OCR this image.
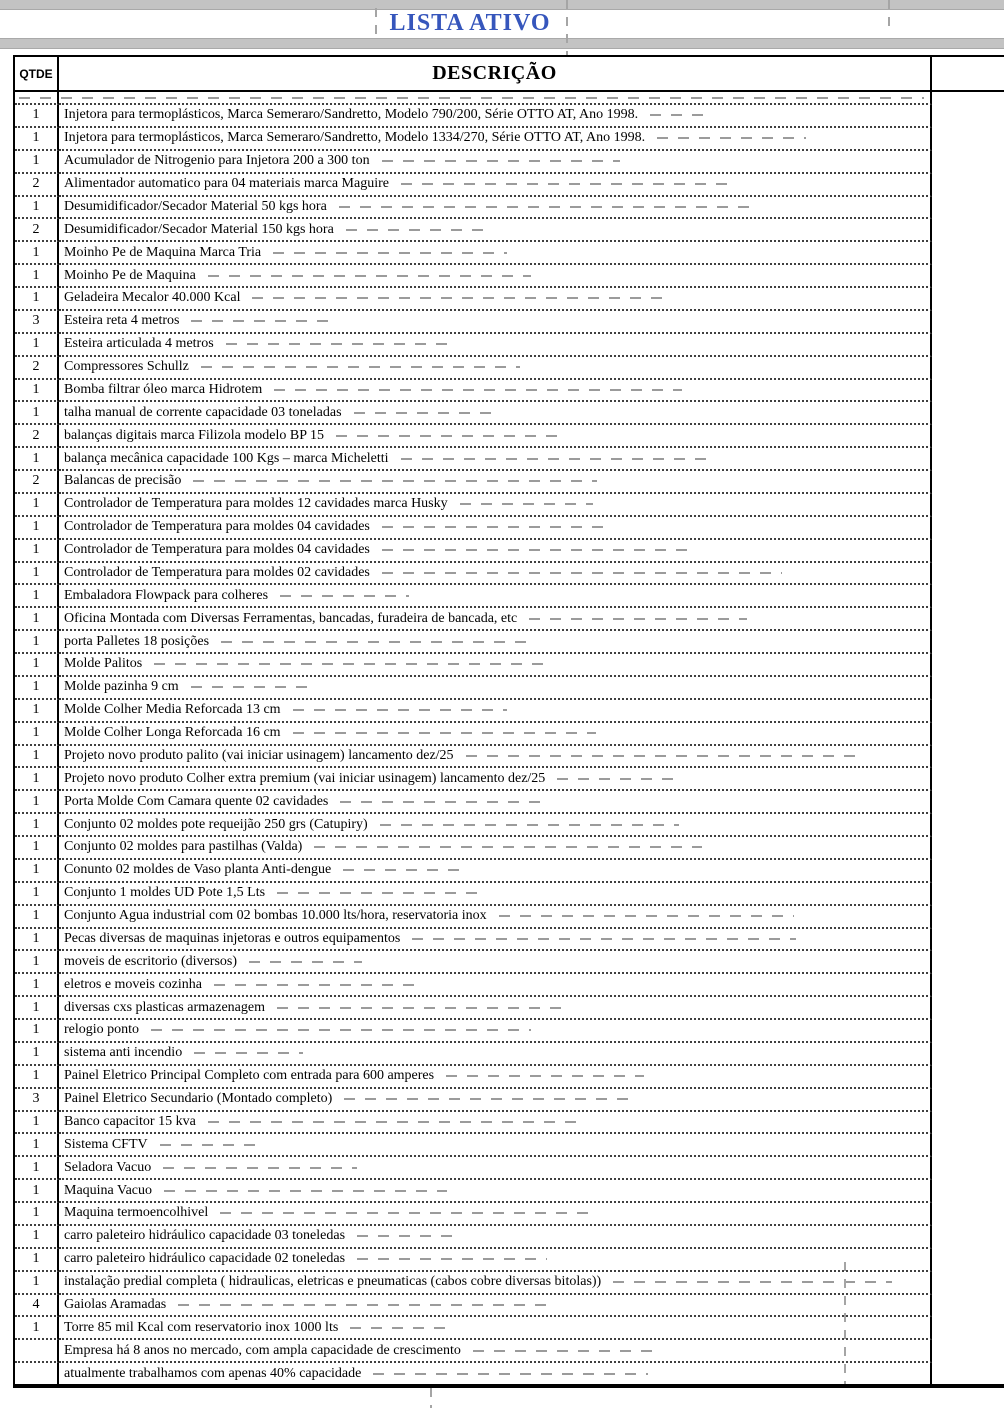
LISTA ATIVO
QTDE	DESCRIÇÃO
1	Injetora para termoplásticos, Marca Semeraro/Sandretto, Modelo 790/200, Série OTTO AT, Ano 1998.
1	Injetora para termoplásticos, Marca Semeraro/Sandretto, Modelo 1334/270, Série OTTO AT, Ano 1998.
1	Acumulador de Nitrogenio para Injetora 200 a 300 ton
2	Alimentador automatico para 04 materiais marca Maguire
1	Desumidificador/Secador Material 50 kgs hora
2	Desumidificador/Secador Material 150 kgs hora
1	Moinho Pe de Maquina Marca Tria
1	Moinho Pe de Maquina
1	Geladeira Mecalor 40.000 Kcal
3	Esteira reta 4 metros
1	Esteira articulada 4 metros
2	Compressores Schullz
1	Bomba filtrar óleo marca Hidrotem
1	talha manual de corrente capacidade 03 toneladas
2	balanças digitais marca Filizola modelo BP 15
1	balança mecânica capacidade 100 Kgs – marca Micheletti
2	Balancas de precisão
1	Controlador de Temperatura para moldes 12 cavidades marca Husky
1	Controlador de Temperatura para moldes 04 cavidades
1	Controlador de Temperatura para moldes 04 cavidades
1	Controlador de Temperatura para moldes 02 cavidades
1	Embaladora Flowpack para colheres
1	Oficina Montada com Diversas Ferramentas, bancadas, furadeira de bancada, etc
1	porta Palletes 18 posições
1	Molde Palitos
1	Molde pazinha 9 cm
1	Molde Colher Media Reforcada 13 cm
1	Molde Colher Longa Reforcada 16 cm
1	Projeto novo produto palito (vai iniciar usinagem) lancamento dez/25
1	Projeto novo produto Colher extra premium (vai iniciar usinagem) lancamento dez/25
1	Porta Molde Com Camara quente 02 cavidades
1	Conjunto 02 moldes pote requeijão 250 grs (Catupiry)
1	Conjunto 02 moldes para pastilhas (Valda)
1	Conunto 02 moldes de Vaso planta Anti-dengue
1	Conjunto 1 moldes UD Pote 1,5 Lts
1	Conjunto Agua industrial com 02 bombas 10.000 lts/hora, reservatoria inox
1	Pecas diversas de maquinas injetoras e outros equipamentos
1	moveis de escritorio (diversos)
1	eletros e moveis cozinha
1	diversas cxs plasticas armazenagem
1	relogio ponto
1	sistema anti incendio
1	Painel Eletrico Principal Completo com entrada para 600 amperes
3	Painel Eletrico Secundario (Montado completo)
1	Banco capacitor 15 kva
1	Sistema CFTV
1	Seladora Vacuo
1	Maquina Vacuo
1	Maquina termoencolhivel
1	carro paleteiro hidráulico capacidade 03 toneledas
1	carro paleteiro hidráulico capacidade 02 toneledas
1	instalação predial completa ( hidraulicas, eletricas e pneumaticas (cabos cobre diversas bitolas))
4	Gaiolas Aramadas
1	Torre 85 mil Kcal com reservatorio inox 1000 lts
Empresa há 8 anos no mercado, com ampla capacidade de crescimento
atualmente trabalhamos com apenas 40% capacidade
